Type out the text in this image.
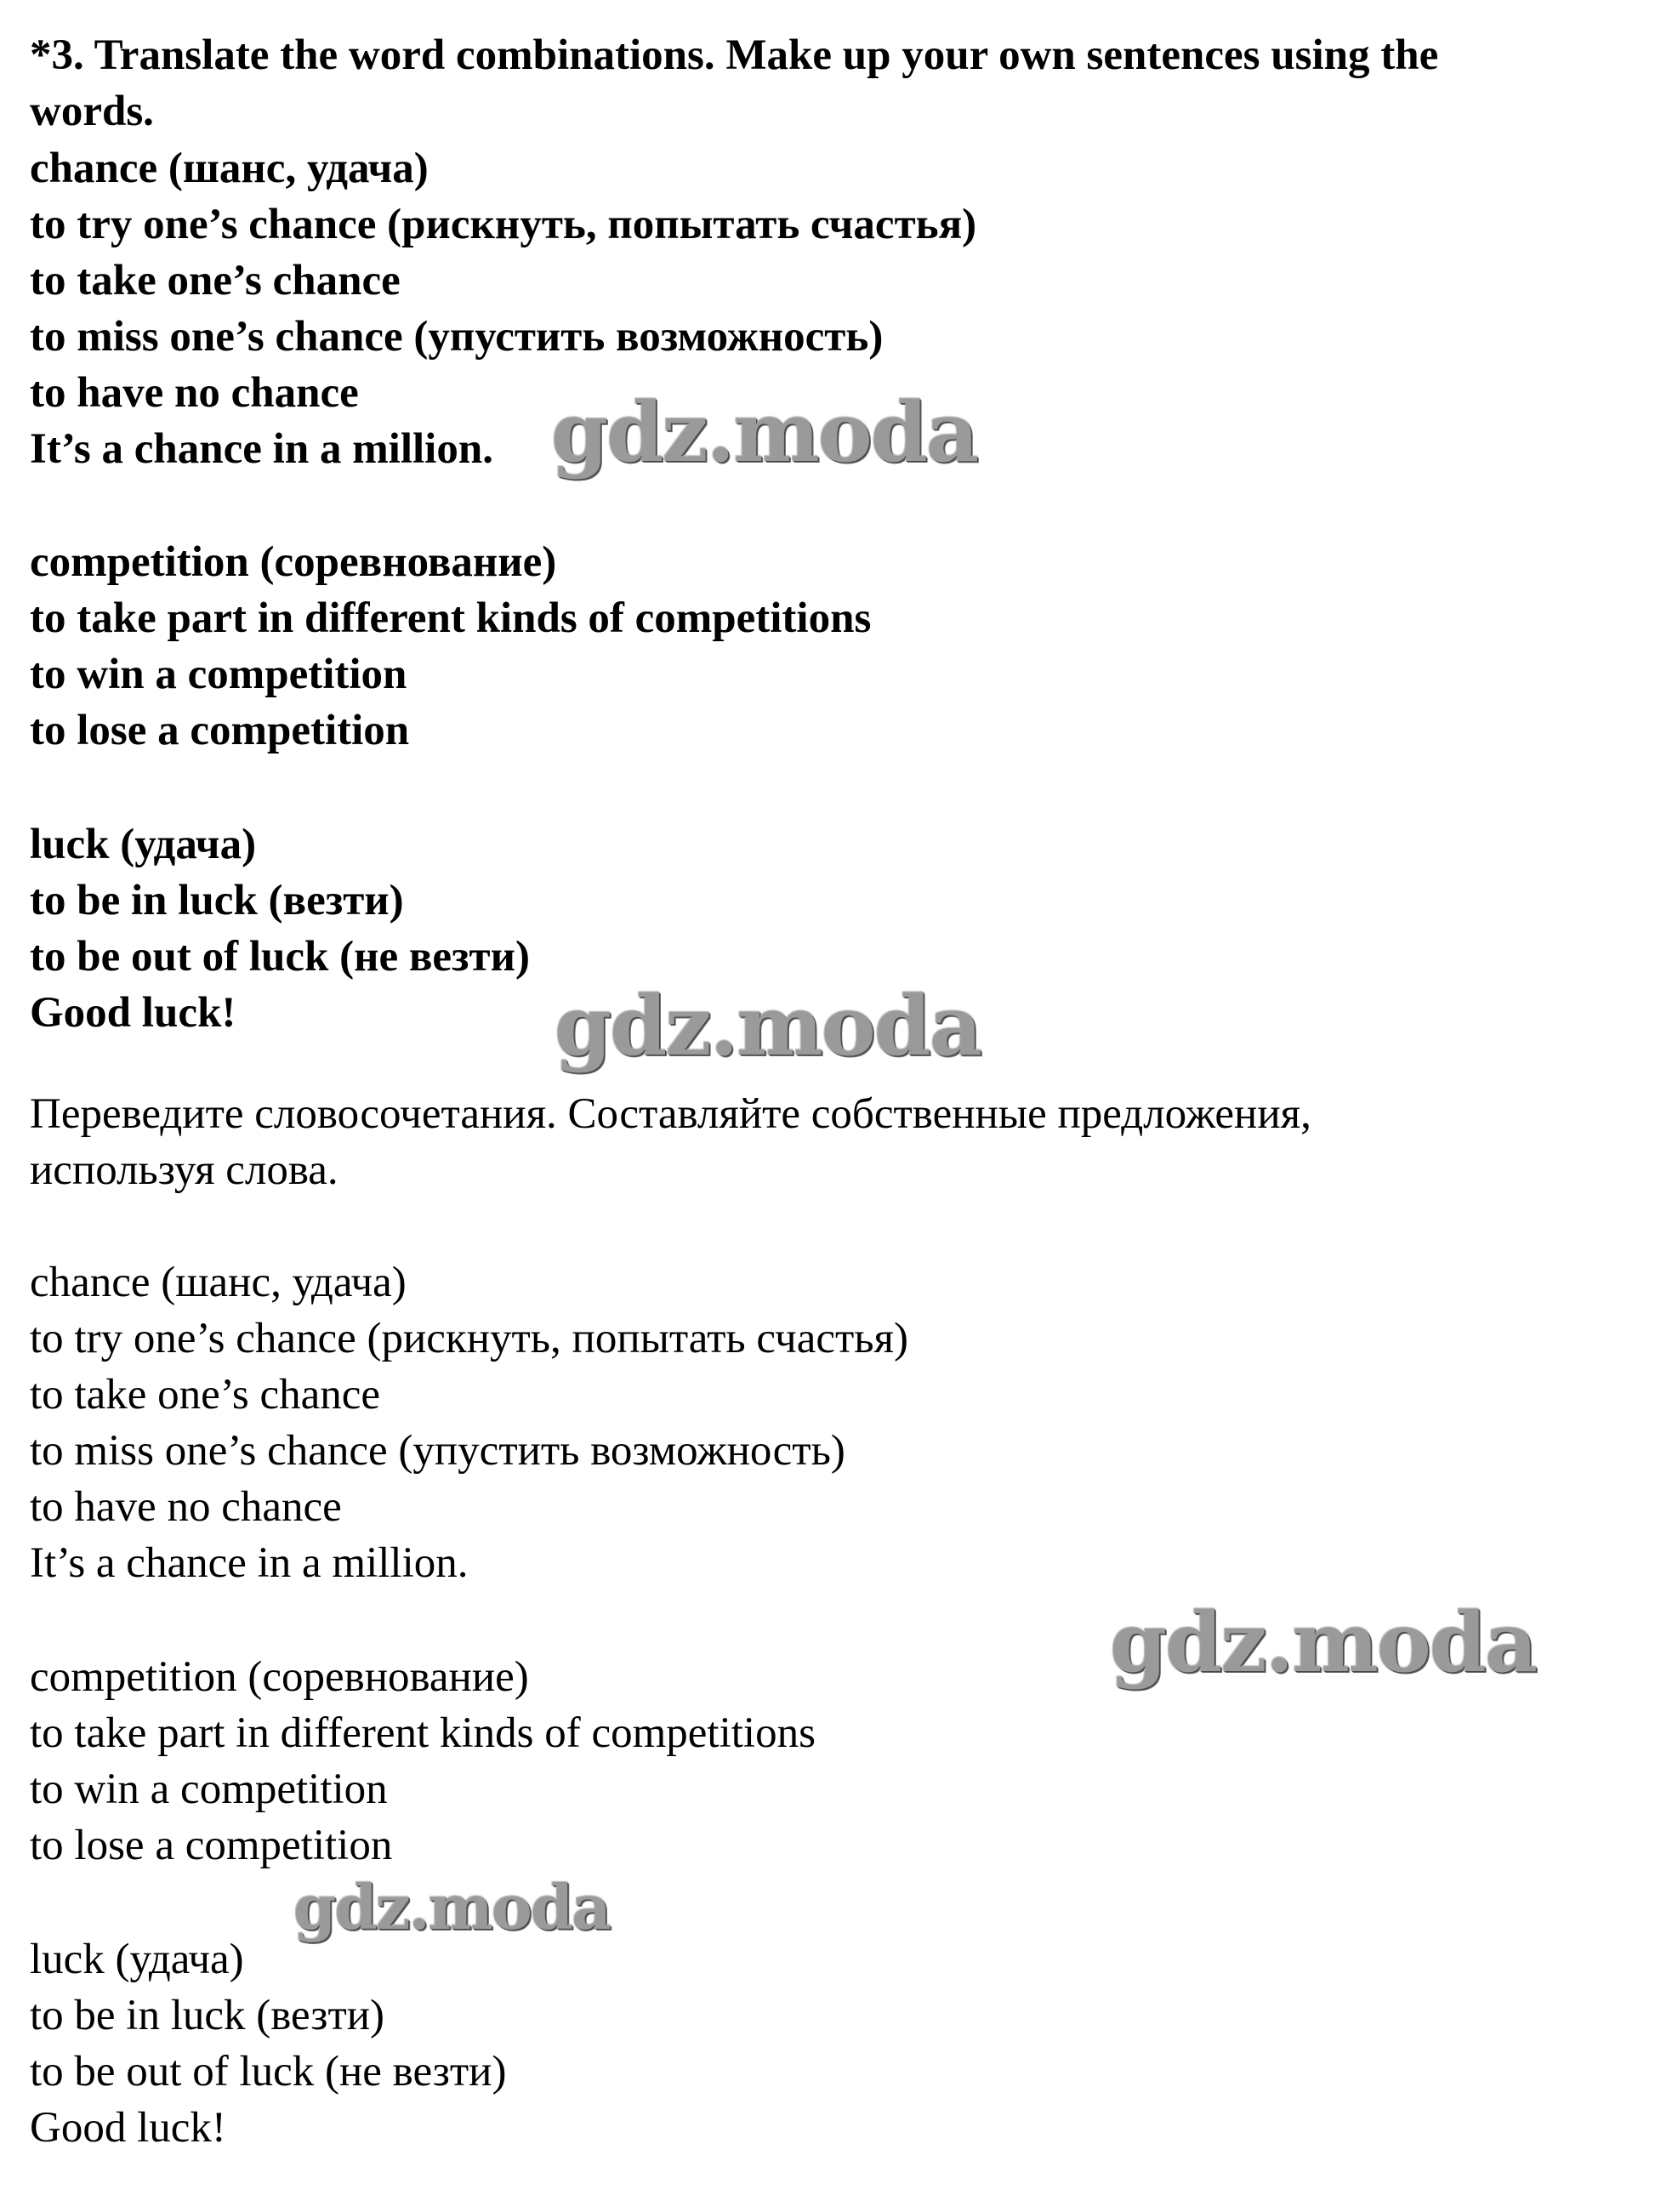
*3. Translate the word combinations. Make up your own sentences using the
words.
chance (шанс, удача)
to try one’s chance (рискнуть, попытать счастья)
to take one’s chance
to miss one’s chance (упустить возможность)
to have no chance
It’s a chance in a million.
competition (соревнование)
to take part in different kinds of competitions
to win a competition
to lose a competition
luck (удача)
to be in luck (везти)
to be out of luck (не везти)
Good luck!
Переведите словосочетания. Составляйте собственные предложения,
используя слова.
chance (шанс, удача)
to try one’s chance (рискнуть, попытать счастья)
to take one’s chance
to miss one’s chance (упустить возможность)
to have no chance
It’s a chance in a million.
competition (соревнование)
to take part in different kinds of competitions
to win a competition
to lose a competition
luck (удача)
to be in luck (везти)
to be out of luck (не везти)
Good luck!
gdz.moda
gdz.moda
gdz.moda
gdz.moda
